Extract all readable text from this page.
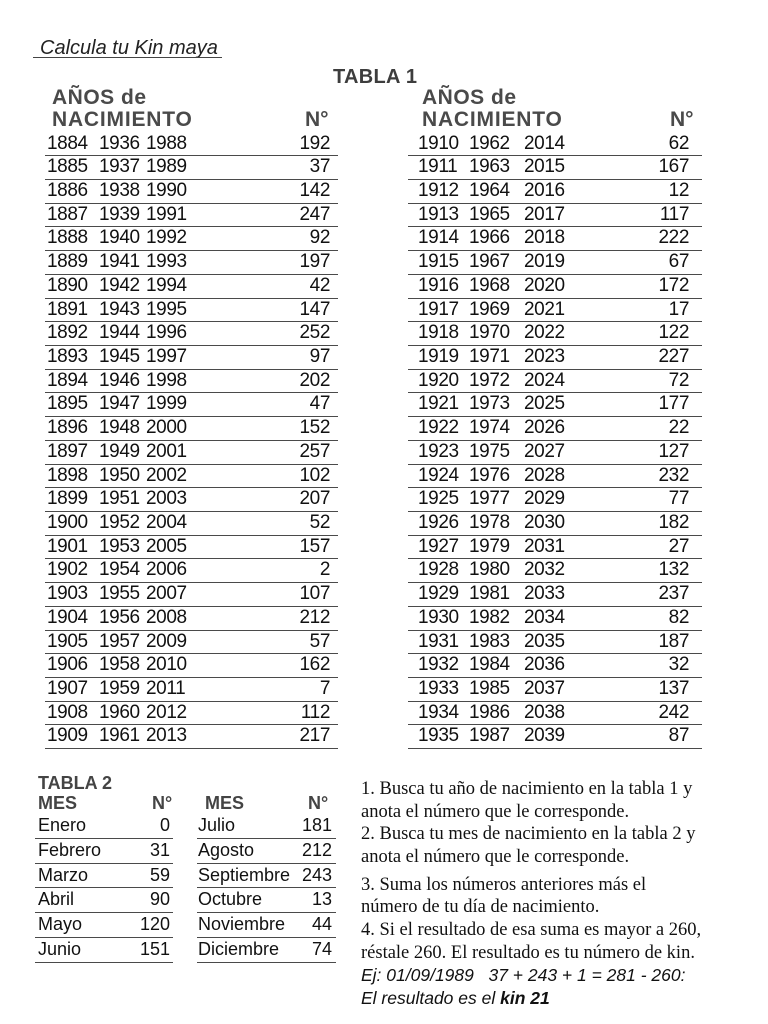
Calcula tu Kin maya
TABLA 1
AÑOS de
NACIMIENTO	N°
AÑOS de
NACIMIENTO	N°
1884 1936 1988	192
1885 1937 1989	37
1886 1938 1990	142
1887 1939 1991	247
1888 1940 1992	92
1889 1941 1993	197
1890 1942 1994	42
1891 1943 1995	147
1892 1944 1996	252
1893 1945 1997	97
1894 1946 1998	202
1895 1947 1999	47
1896 1948 2000	152
1897 1949 2001	257
1898 1950 2002	102
1899 1951 2003	207
1900 1952 2004	52
1901 1953 2005	157
1902 1954 2006	2
1903 1955 2007	107
1904 1956 2008	212
1905 1957 2009	57
1906 1958 2010	162
1907 1959 2011	7
1908 1960 2012	112
1909 1961 2013	217
1910 1962 2014	62
1911 1963 2015	167
1912 1964 2016	12
1913 1965 2017	117
1914 1966 2018	222
1915 1967 2019	67
1916 1968 2020	172
1917 1969 2021	17
1918 1970 2022	122
1919 1971 2023	227
1920 1972 2024	72
1921 1973 2025	177
1922 1974 2026	22
1923 1975 2027	127
1924 1976 2028	232
1925 1977 2029	77
1926 1978 2030	182
1927 1979 2031	27
1928 1980 2032	132
1929 1981 2033	237
1930 1982 2034	82
1931 1983 2035	187
1932 1984 2036	32
1933 1985 2037	137
1934 1986 2038	242
1935 1987 2039	87
TABLA 2
MES	N° MES	N°
Enero	0
Febrero	31
Marzo	59
Abril	90
Mayo	120
Junio	151
Julio	181
Agosto	212
Septiembre 243
Octubre	13
Noviembre 44
Diciembre 74
1. Busca tu año de nacimiento en la tabla 1 y
anota el número que le corresponde.
2. Busca tu mes de nacimiento en la tabla 2 y
anota el número que le corresponde.
3. Suma los números anteriores más el
número de tu día de nacimiento.
4. Si el resultado de esa suma es mayor a 260,
réstale 260. El resultado es tu número de kin.
Ej: 01/09/1989   37 + 243 + 1 = 281 - 260:
El resultado es el kin 21
